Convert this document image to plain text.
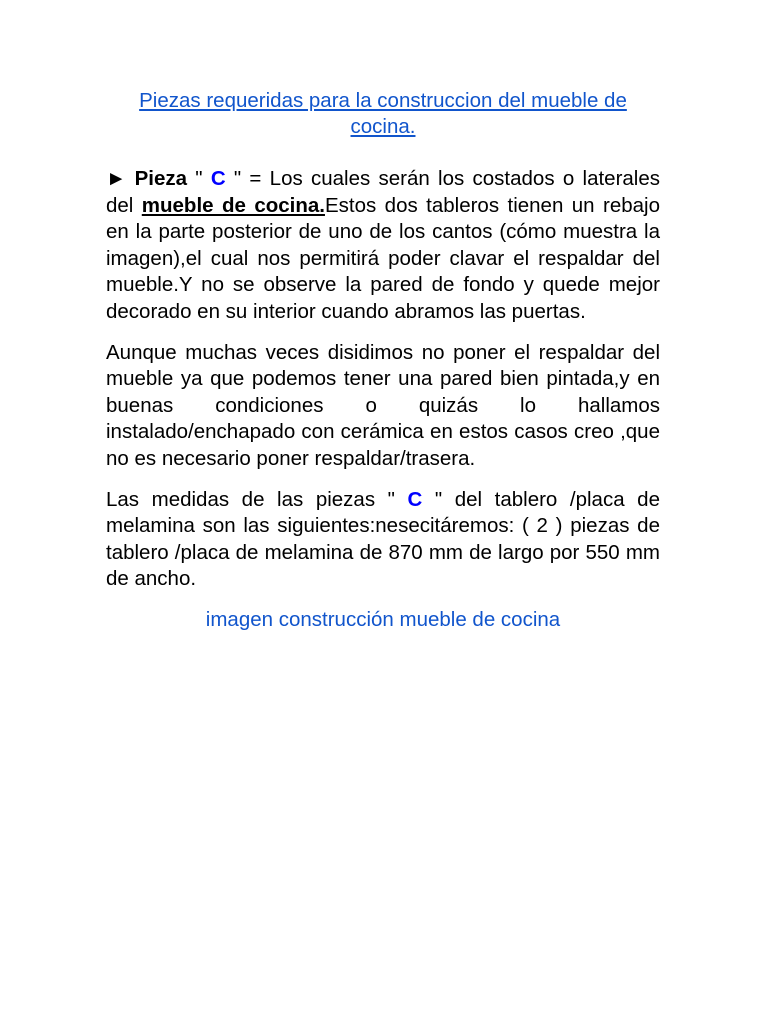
Piezas requeridas para la construccion del mueble de cocina.

► Pieza " C " = Los cuales serán los costados o laterales del mueble de cocina.Estos dos tableros tienen un rebajo en la parte posterior de uno de los cantos (cómo muestra la imagen),el cual nos permitirá poder clavar el respaldar del mueble.Y no se observe la pared de fondo y quede mejor decorado en su interior cuando abramos las puertas.

Aunque muchas veces disidimos no poner el respaldar del mueble ya que podemos tener una pared bien pintada,y en buenas condiciones o quizás lo hallamos instalado/enchapado con cerámica en estos casos creo ,que no es necesario poner respaldar/trasera.

Las medidas de las piezas " C " del tablero /placa de melamina son las siguientes:nesecitáremos: ( 2 ) piezas de tablero /placa de melamina de 870 mm de largo por 550 mm de ancho.

imagen construcción mueble de cocina
